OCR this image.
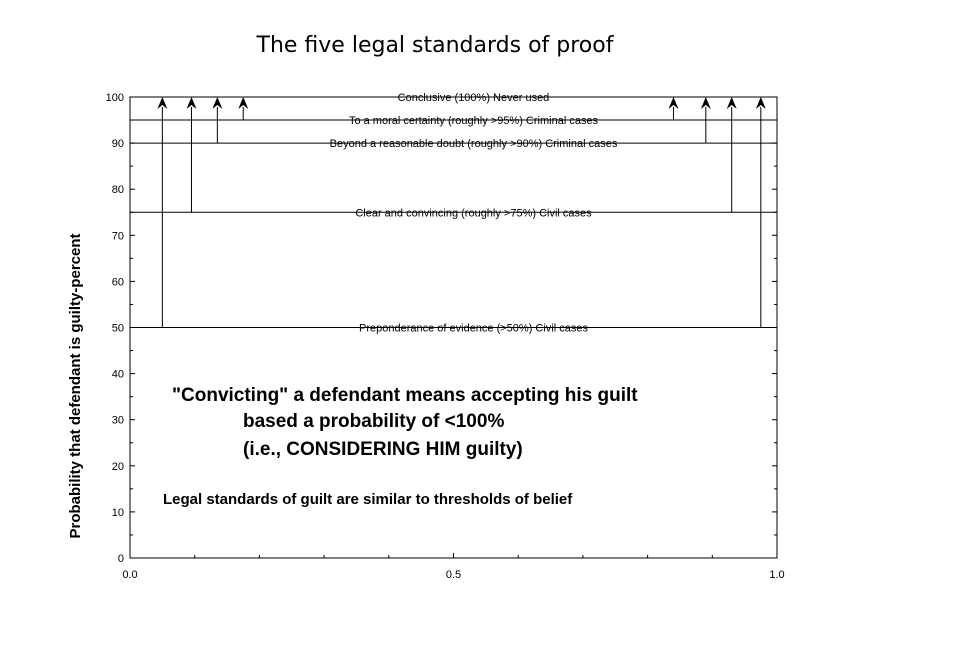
The five legal standards of proof
0
10
20
30
40
50
60
70
80
90
100
0.0	0.5	1.0
Conclusive (100%) Never used
To a moral certainty (roughly >95%) Criminal cases
Beyond a reasonable doubt (roughly >90%) Criminal cases
Clear and convincing (roughly >75%) Civil cases
Preponderance of evidence (>50%) Civil cases
Probability that defendant is guilty-percent	"Convicting" a defendant means accepting his guilt
based a probability of <100%
(i.e., CONSIDERING HIM guilty)
Legal standards of guilt are similar to thresholds of belief
